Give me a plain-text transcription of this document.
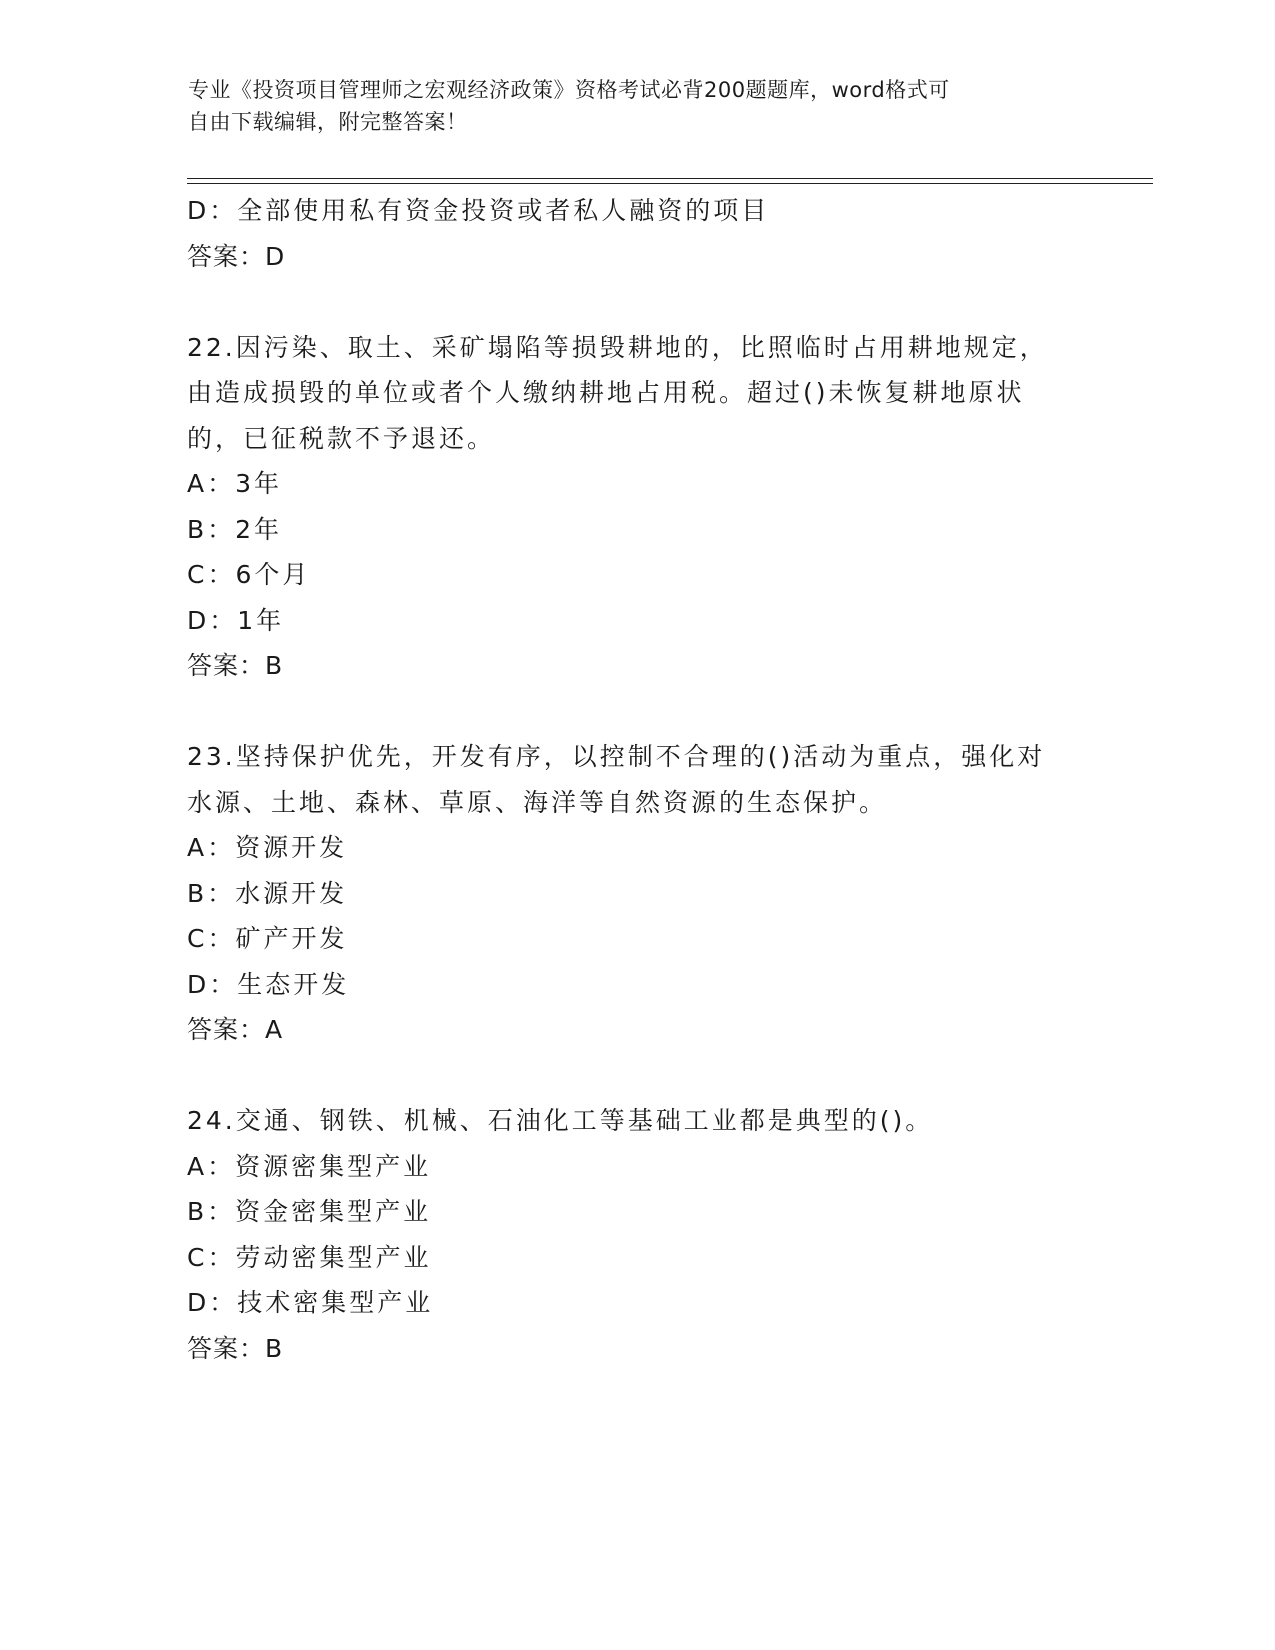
专业《投资项目管理师之宏观经济政策》资格考试必背200题题库，word格式可
自由下载编辑，附完整答案！
D：全部使用私有资金投资或者私人融资的项目
答案：D
22.因污染、取土、采矿塌陷等损毁耕地的，比照临时占用耕地规定，
由造成损毁的单位或者个人缴纳耕地占用税。超过()未恢复耕地原状
的，已征税款不予退还。
A：3年
B：2年
C：6个月
D：1年
答案：B
23.坚持保护优先，开发有序，以控制不合理的()活动为重点，强化对
水源、土地、森林、草原、海洋等自然资源的生态保护。
A：资源开发
B：水源开发
C：矿产开发
D：生态开发
答案：A
24.交通、钢铁、机械、石油化工等基础工业都是典型的()。
A：资源密集型产业
B：资金密集型产业
C：劳动密集型产业
D：技术密集型产业
答案：B
